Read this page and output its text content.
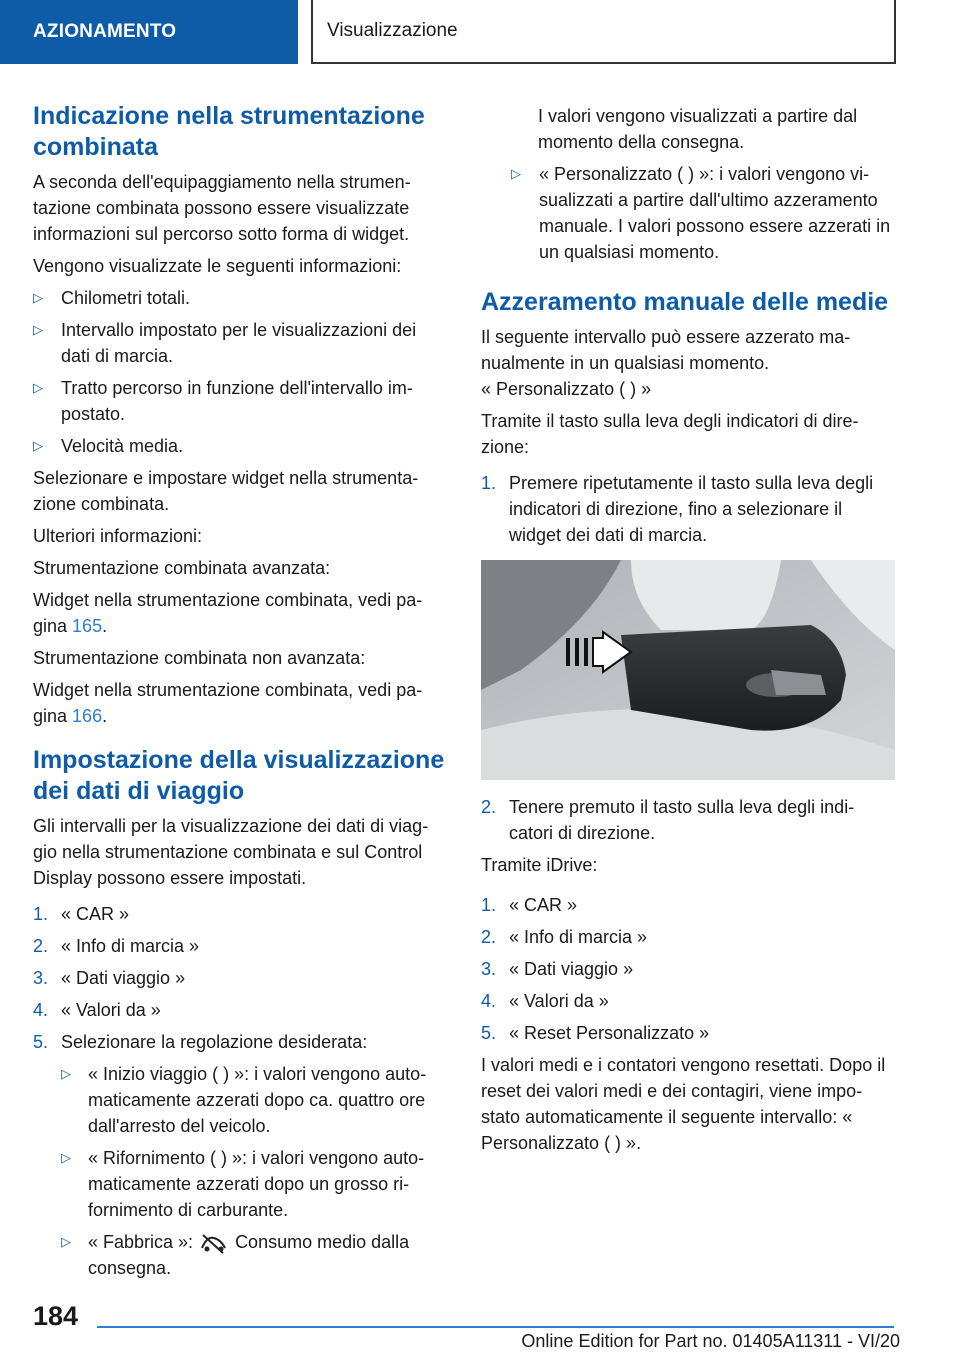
AZIONAMENTO	Visualizzazione
Indicazione nella strumentazione combinata

A seconda dell'equipaggiamento nella strumen-tazione combinata possono essere visualizzate informazioni sul percorso sotto forma di widget.

Vengono visualizzate le seguenti informazioni:

▷ Chilometri totali.
▷ Intervallo impostato per le visualizzazioni dei dati di marcia.
▷ Tratto percorso in funzione dell'intervallo im-postato.
▷ Velocità media.

Selezionare e impostare widget nella strumenta-zione combinata.

Ulteriori informazioni:

Strumentazione combinata avanzata:

Widget nella strumentazione combinata, vedi pa-gina 165.

Strumentazione combinata non avanzata:

Widget nella strumentazione combinata, vedi pa-gina 166.

Impostazione della visualizzazione dei dati di viaggio

Gli intervalli per la visualizzazione dei dati di viag-gio nella strumentazione combinata e sul Control Display possono essere impostati.

1. « CAR »
2. « Info di marcia »
3. « Dati viaggio »
4. « Valori da »
5. Selezionare la regolazione desiderata:
▷ « Inizio viaggio ( ) »: i valori vengono auto-maticamente azzerati dopo ca. quattro ore dall'arresto del veicolo.
▷ « Rifornimento ( ) »: i valori vengono auto-maticamente azzerati dopo un grosso ri-fornimento di carburante.
▷ « Fabbrica »: Consumo medio dalla consegna.

I valori vengono visualizzati a partire dal momento della consegna.

▷ « Personalizzato ( ) »: i valori vengono vi-sualizzati a partire dall'ultimo azzeramento manuale. I valori possono essere azzerati in un qualsiasi momento.
Azzeramento manuale delle medie

Il seguente intervallo può essere azzerato ma-nualmente in un qualsiasi momento.

« Personalizzato ( ) »

Tramite il tasto sulla leva degli indicatori di dire-zione:

1. Premere ripetutamente il tasto sulla leva degli indicatori di direzione, fino a selezionare il widget dei dati di marcia.
2. Tenere premuto il tasto sulla leva degli indi-catori di direzione.

Tramite iDrive:

1. « CAR »
2. « Info di marcia »
3. « Dati viaggio »
4. « Valori da »
5. « Reset Personalizzato »

I valori medi e i contatori vengono resettati. Dopo il reset dei valori medi e dei contagiri, viene impo-stato automaticamente il seguente intervallo: « Personalizzato ( ) ».

184
Online Edition for Part no. 01405A11311 - VI/20
